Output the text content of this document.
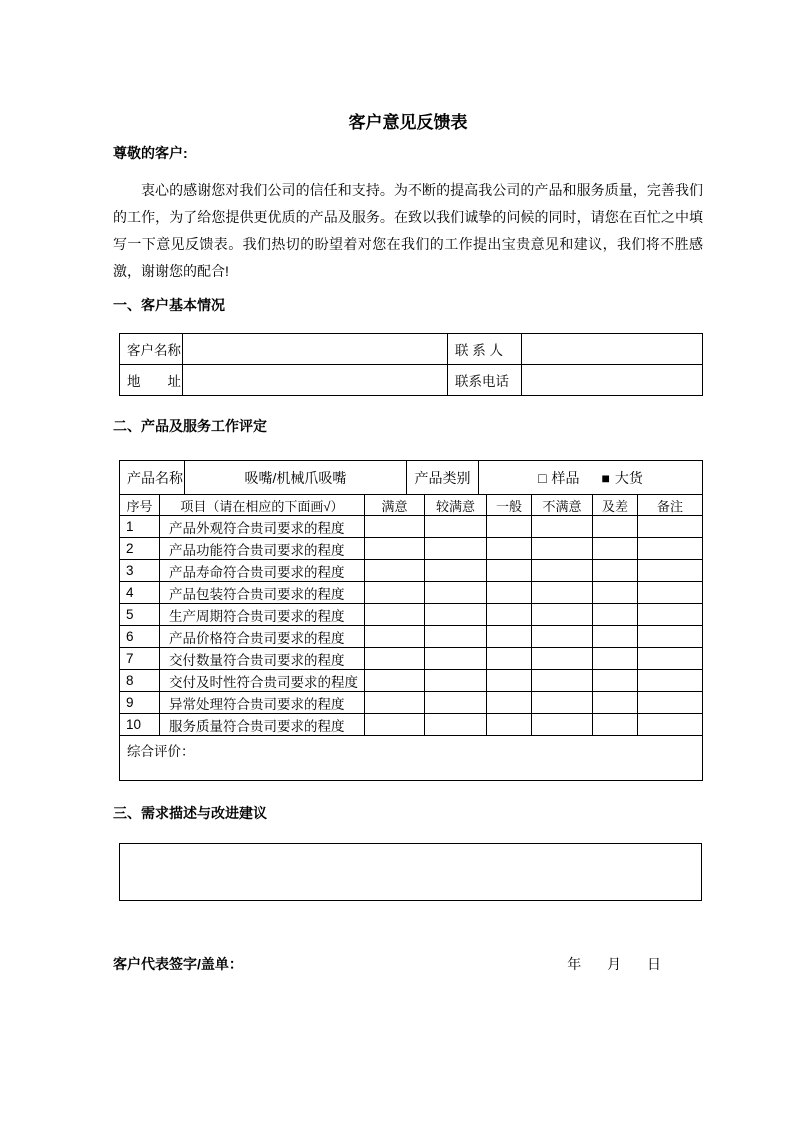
客户意见反馈表

尊敬的客户:

衷心的感谢您对我们公司的信任和支持。为不断的提高我公司的产品和服务质量，完善我们的工作，为了给您提供更优质的产品及服务。在致以我们诚挚的问候的同时，请您在百忙之中填写一下意见反馈表。我们热切的盼望着对您在我们的工作提出宝贵意见和建议，我们将不胜感激，谢谢您的配合!

一、客户基本情况
客户名称		联 系 人	
地　　址		联系电话	
二、产品及服务工作评定
产品名称	吸嘴/机械爪吸嘴	产品类别	□ 样品 ■ 大货
序号	项目（请在相应的下面画√）	满意	较满意	一般	不满意	及差	备注
1	产品外观符合贵司要求的程度						
2	产品功能符合贵司要求的程度						
3	产品寿命符合贵司要求的程度						
4	产品包装符合贵司要求的程度						
5	生产周期符合贵司要求的程度						
6	产品价格符合贵司要求的程度						
7	交付数量符合贵司要求的程度						
8	交付及时性符合贵司要求的程度						
9	异常处理符合贵司要求的程度						
10	服务质量符合贵司要求的程度						
综合评价：							
三、需求描述与改进建议
客户代表签字/盖单：	年 月 日
